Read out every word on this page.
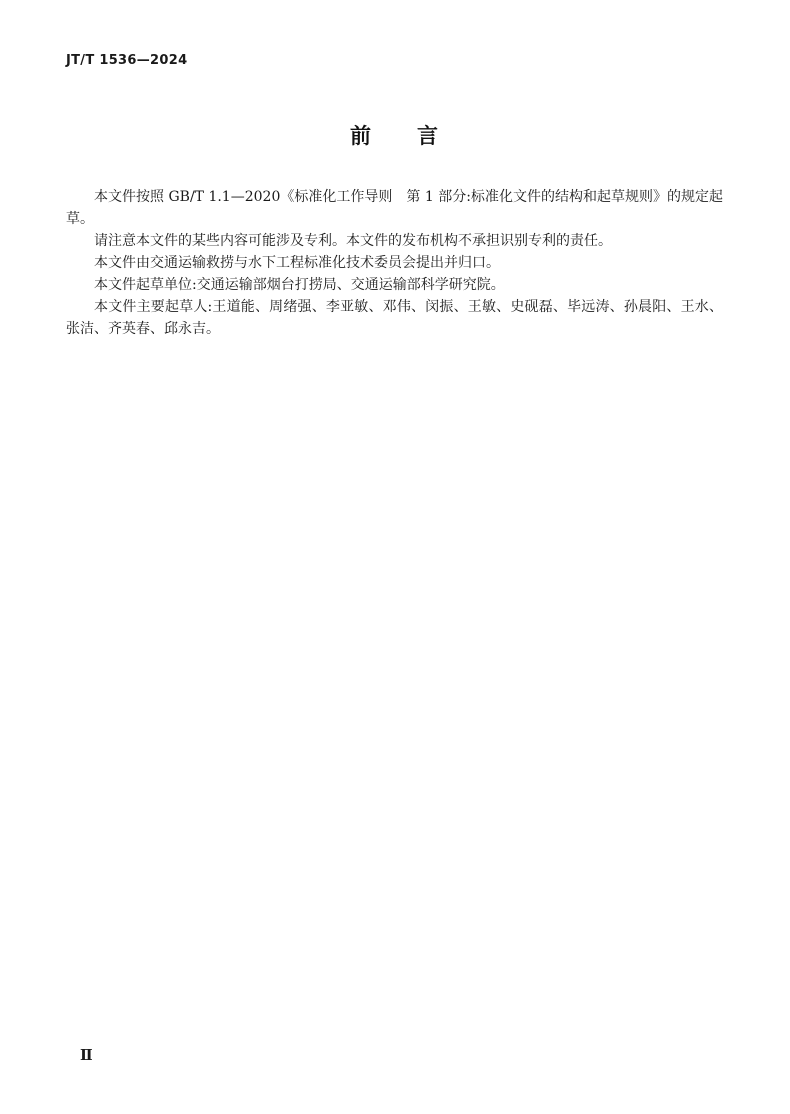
JT/T 1536—2024
前 言

本文件按照 GB/T 1.1—2020《标准化工作导则　第 1 部分:标准化文件的结构和起草规则》的规定起草。

请注意本文件的某些内容可能涉及专利。本文件的发布机构不承担识别专利的责任。

本文件由交通运输救捞与水下工程标准化技术委员会提出并归口。

本文件起草单位:交通运输部烟台打捞局、交通运输部科学研究院。

本文件主要起草人:王道能、周绪强、李亚敏、邓伟、闵振、王敏、史砚磊、毕远涛、孙晨阳、王水、张洁、齐英春、邱永吉。

Ⅱ
